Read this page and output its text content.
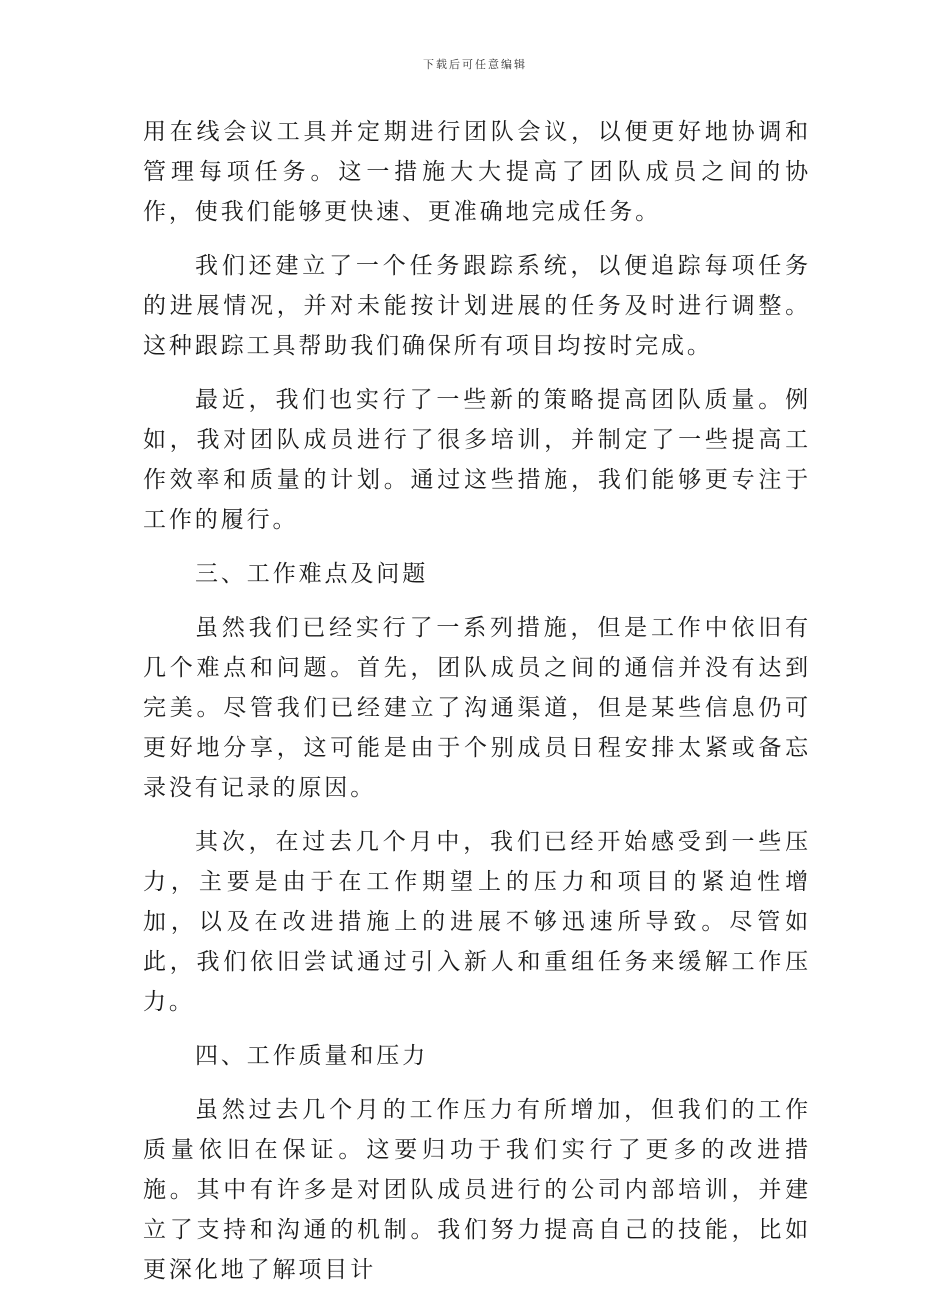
下载后可任意编辑

用在线会议工具并定期进行团队会议，以便更好地协调和管理每项任务。这一措施大大提高了团队成员之间的协作，使我们能够更快速、更准确地完成任务。

我们还建立了一个任务跟踪系统，以便追踪每项任务的进展情况，并对未能按计划进展的任务及时进行调整。这种跟踪工具帮助我们确保所有项目均按时完成。

最近，我们也实行了一些新的策略提高团队质量。例如，我对团队成员进行了很多培训，并制定了一些提高工作效率和质量的计划。通过这些措施，我们能够更专注于工作的履行。

三、工作难点及问题

虽然我们已经实行了一系列措施，但是工作中依旧有几个难点和问题。首先，团队成员之间的通信并没有达到完美。尽管我们已经建立了沟通渠道，但是某些信息仍可更好地分享，这可能是由于个别成员日程安排太紧或备忘录没有记录的原因。

其次，在过去几个月中，我们已经开始感受到一些压力，主要是由于在工作期望上的压力和项目的紧迫性增加，以及在改进措施上的进展不够迅速所导致。尽管如此，我们依旧尝试通过引入新人和重组任务来缓解工作压力。

四、工作质量和压力

虽然过去几个月的工作压力有所增加，但我们的工作质量依旧在保证。这要归功于我们实行了更多的改进措施。其中有许多是对团队成员进行的公司内部培训，并建立了支持和沟通的机制。我们努力提高自己的技能，比如更深化地了解项目计
